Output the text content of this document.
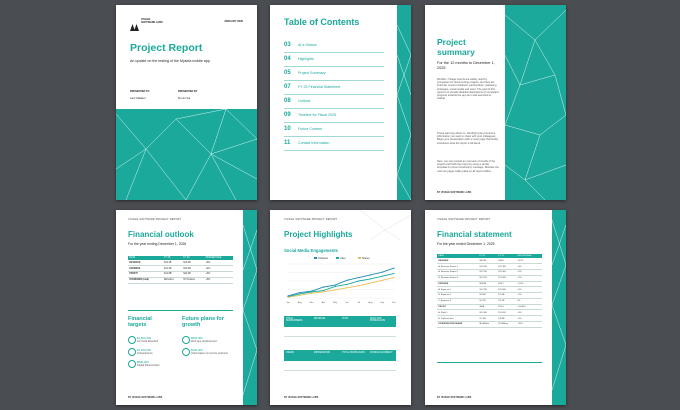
VIVAGE
SOFTWARE LABS	JANUARY 2026
Project Report
An update on the testing of the Mysela mobile app
PRESENTED TO
Lars Flaaten
PRESENTED BY
Do An Ga
Table of Contents
03 At a Glance
04 Highlights
05 Project Summary
07 FY 25 Financial Statement
08 Outlook
09 Timeline for Fiscal 2026
10 Future Content
11 Contact Information
Project
summary
For the 12 months to December 1, 2025
Workfer / Vivage reports are widely used by companies for documenting projects, and they are financial, content initiatives, partnerships, marketing strategies, social media and more. The goal of this report is to provide detailed descriptions of completed progress towards the app as it was launched to market.
These warming about us, identifying the prominent information you want to share with your colleagues. Begin your presentation with a cover page that briefly introduces what the report is all about.
Next, you can provide an overview of results of the project and finish the report by using a similar template for some introductory message. Illustrate the next two pages selling data on all report edition.
BY VIVAGE SOFTWARE LABS
VIVAGE SOFTWARE PROJECT REPORT
Financial outlook
For the year ending December 1, 2026
DATA	FY 25	FY 26	PERCENTAGE
REVENUE	$12.4B	$16.4B	+8%
EXPENSE	$12.4B	$15.2B	+4%
PROFIT	$12.8B	$42.4B	+6%
DIVIDENDS (total)	$Dividers	$7 Dividers	+8%
Financial targets
Future plans for growth
$1,500,000
For Goal Reached
$1,200,000
Subscriptions
$800,000
Digital Partnerships
$500,000
Web app development
$200,000
Optimization of current products
BY VIVAGE SOFTWARE LABS
VIVAGE SOFTWARE PROJECT REPORT
Project Highlights
Social Media Engagements
Followers	Likes	Shares
Jan	Aug	Mar	Apr	May	Jun	Jul	Aug	Sep	Dec
TOTAL SUBSCRIBERS
REVENUE	COST	DAILY APP DOWNLOADS
USERS	IMPRESSIONS	TOTAL DOWNLOADS	DOWNLOAD DIRECT
BY VIVAGE SOFTWARE LABS
VIVAGE SOFTWARE PROJECT REPORT
Financial statement
For the year ended December 1, 2025
DATA	FY 24	FY 25	PERCENTAGE
REVENUE	$42.4B	$48.8	+8.1%
A. Revenue Source 1	$ 15.2B	$ 17.8B	+4%
A. Revenue Source 2	$ 12.5B	$ 15.6B	+5%
B. Revenue Source 3	$ 14.7B	$ 15.4B	+2%
EXPENSE	$24.8B	$26.7	+2.6%
A. Expense 1	$ 12.5B	$ 13.6B	+6%
B. Expense 2	$ 8.6B	$ 9.4B	+5%
C. Expense 3	$ 3.7B	$ 3.7B	0%
PROFIT	$20B	$75.4	+24.46%
A. Profit 1	$ 12.4B	$ 14.1B	+4%
B. Profit net loss	$ 7.6B	$ 8.3B	+3%
DIVIDENDS PER SHARE	$5.4Billion	$7.4Billion	+35%
BY VIVAGE SOFTWARE LABS
